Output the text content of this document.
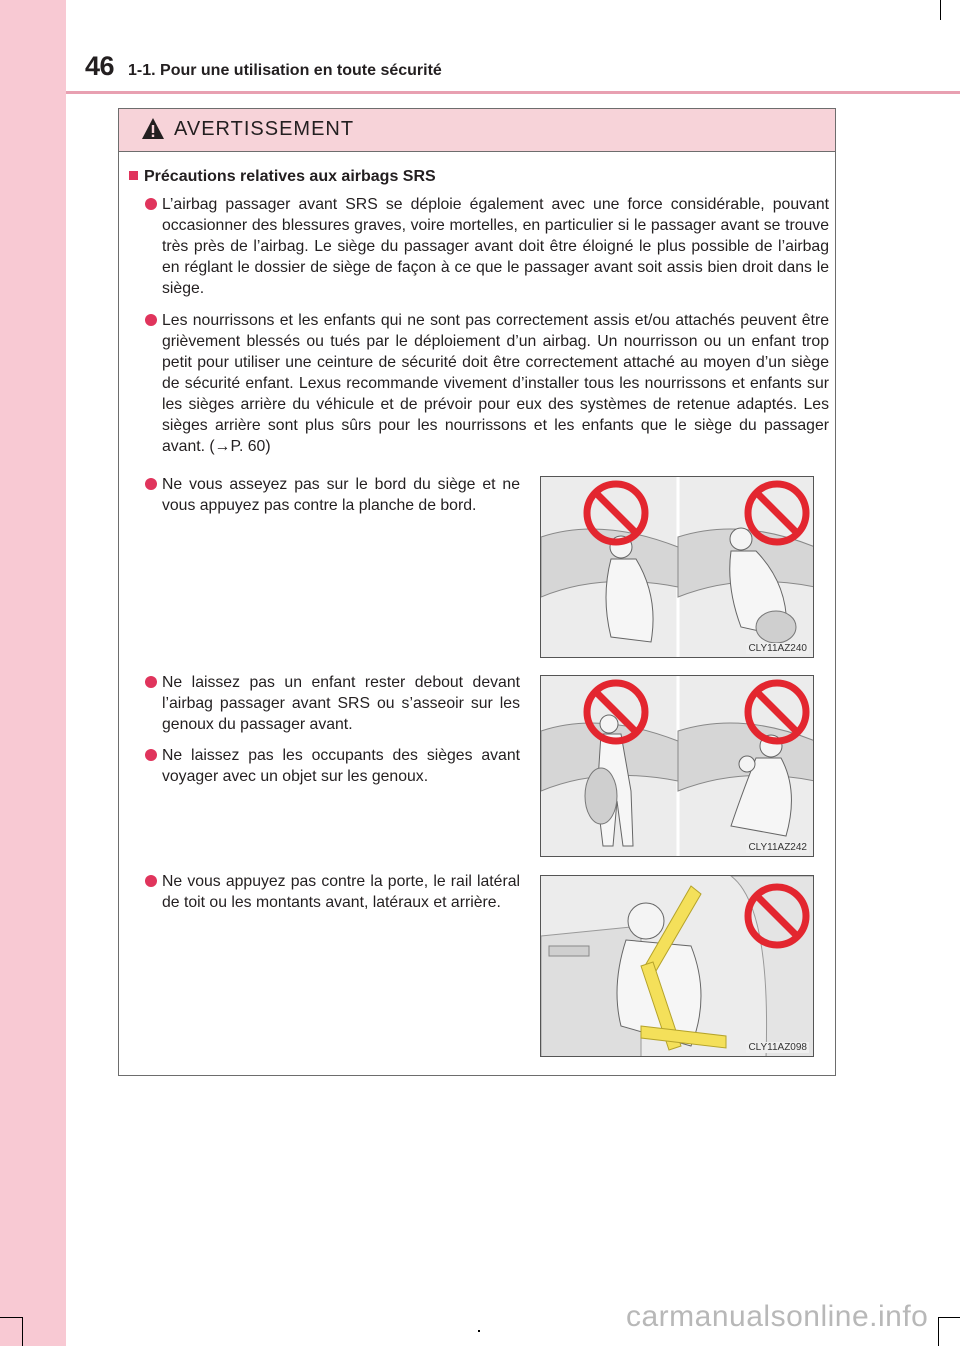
46 1-1. Pour une utilisation en toute sécurité
AVERTISSEMENT
Précautions relatives aux airbags SRS
L’airbag passager avant SRS se déploie également avec une force considérable, pouvant occasionner des blessures graves, voire mortelles, en particulier si le passager avant se trouve très près de l’airbag. Le siège du passager avant doit être éloigné le plus possible de l’airbag en réglant le dossier de siège de façon à ce que le passager avant soit assis bien droit dans le siège.
Les nourrissons et les enfants qui ne sont pas correctement assis et/ou attachés peuvent être grièvement blessés ou tués par le déploiement d’un airbag. Un nourrisson ou un enfant trop petit pour utiliser une ceinture de sécurité doit être correctement attaché au moyen d’un siège de sécurité enfant. Lexus recommande vivement d’installer tous les nourrissons et enfants sur les sièges arrière du véhicule et de prévoir pour eux des systèmes de retenue adaptés. Les sièges arrière sont plus sûrs pour les nourrissons et les enfants que le siège du passager avant. (→P. 60)
Ne vous asseyez pas sur le bord du siège et ne vous appuyez pas contre la planche de bord.
Ne laissez pas un enfant rester debout devant l’airbag passager avant SRS ou s’asseoir sur les genoux du passager avant.
Ne laissez pas les occupants des sièges avant voyager avec un objet sur les genoux.
Ne vous appuyez pas contre la porte, le rail latéral de toit ou les montants avant, latéraux et arrière.
CLY11AZ240
CLY11AZ242
CLY11AZ098
carmanualsonline.info
